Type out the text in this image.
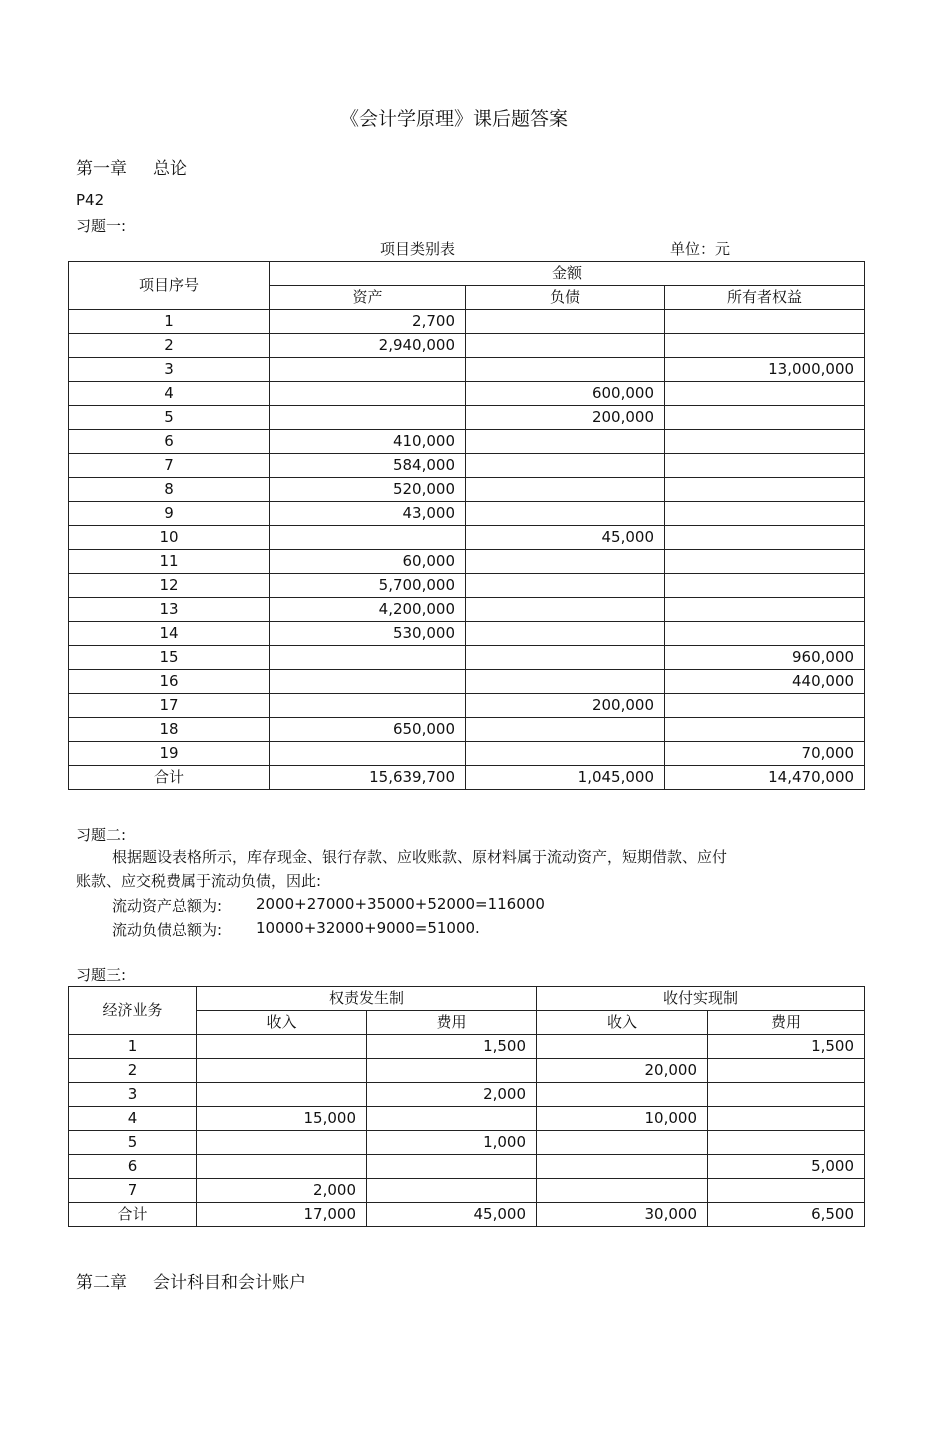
《会计学原理》课后题答案
第一章 总论
P42
习题一:
项目类别表	单位：元
项目序号	金额		
	资产	负债	所有者权益
1	2,700		
2	2,940,000		
3			13,000,000
4		600,000	
5		200,000	
6	410,000		
7	584,000		
8	520,000		
9	43,000		
10		45,000	
11	60,000		
12	5,700,000		
13	4,200,000		
14	530,000		
15			960,000
16			440,000
17		200,000	
18	650,000		
19			70,000
合计	15,639,700	1,045,000	14,470,000
习题二:
根据题设表格所示，库存现金、银行存款、应收账款、原材料属于流动资产，短期借款、应付
账款、应交税费属于流动负债，因此:
流动资产总额为: 2000+27000+35000+52000=116000
流动负债总额为: 10000+32000+9000=51000.
习题三:
经济业务	权责发生制		收付实现制	
	收入	费用	收入	费用
1		1,500		1,500
2			20,000	
3		2,000		
4	15,000		10,000	
5		1,000		
6				5,000
7	2,000			
合计	17,000	45,000	30,000	6,500
第二章 会计科目和会计账户
